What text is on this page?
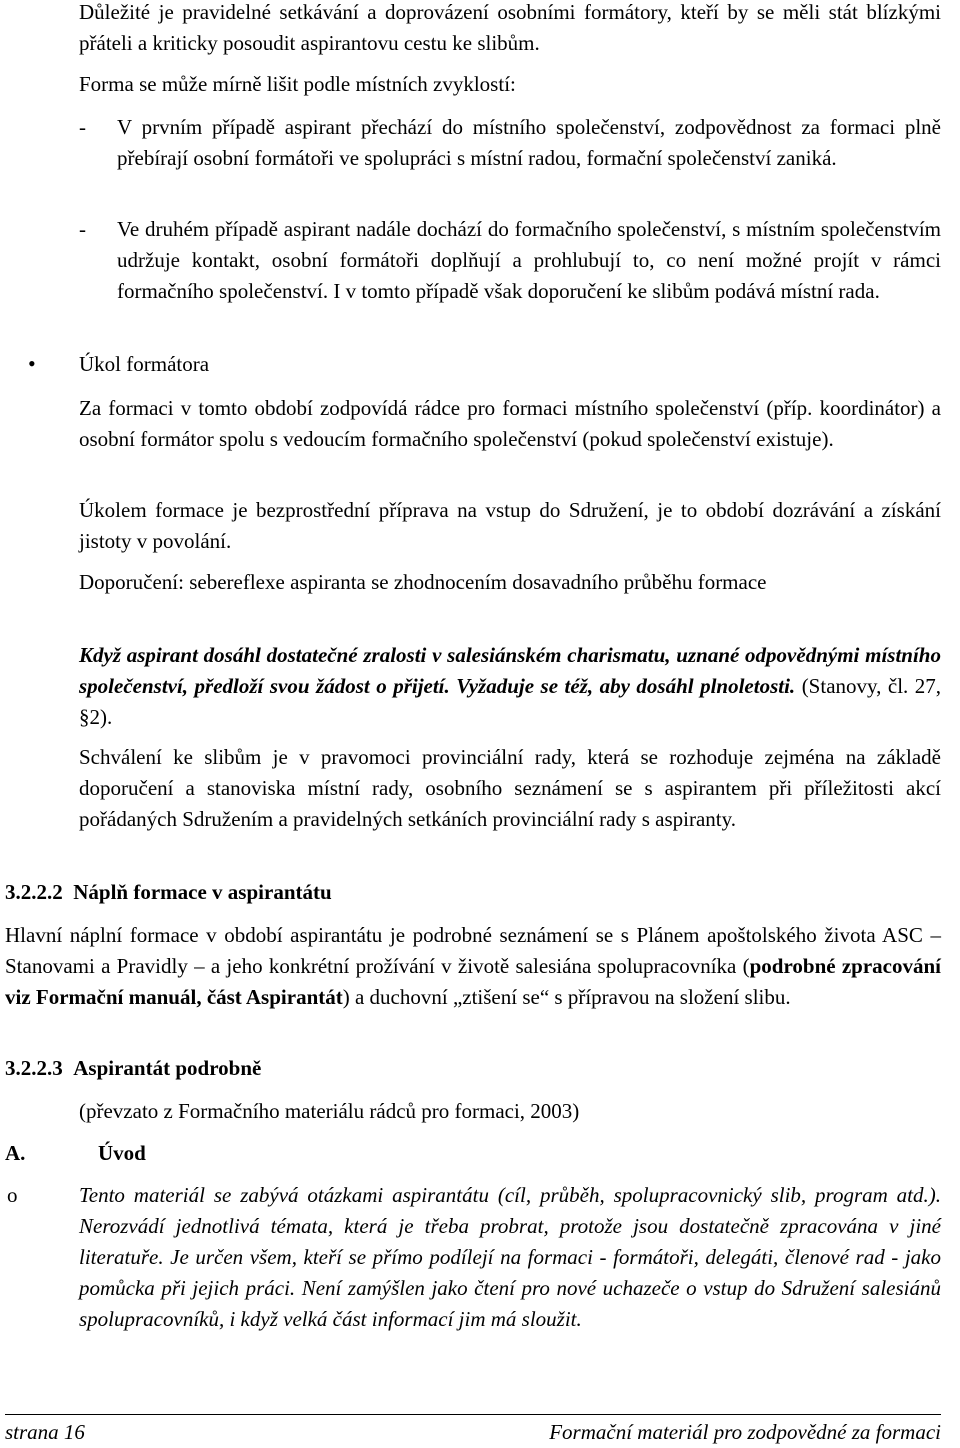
Důležité je pravidelné setkávání a doprovázení osobními formátory, kteří by se měli stát blízkými přáteli a kriticky posoudit aspirantovu cestu ke slibům.

Forma se může mírně lišit podle místních zvyklostí:

- V prvním případě aspirant přechází do místního společenství, zodpovědnost za formaci plně přebírají osobní formátoři ve spolupráci s místní radou, formační společenství zaniká.

- Ve druhém případě aspirant nadále dochází do formačního společenství, s místním společenstvím udržuje kontakt, osobní formátoři doplňují a prohlubují to, co není možné projít v rámci formačního společenství. I v tomto případě však doporučení ke slibům podává místní rada.

• Úkol formátora

Za formaci v tomto období zodpovídá rádce pro formaci místního společenství (příp. koordinátor) a osobní formátor spolu s vedoucím formačního společenství (pokud společenství existuje).

Úkolem formace je bezprostřední příprava na vstup do Sdružení, je to období dozrávání a získání jistoty v povolání.

Doporučení: sebereflexe aspiranta se zhodnocením dosavadního průběhu formace

Když aspirant dosáhl dostatečné zralosti v salesiánském charismatu, uznané odpovědnými místního společenství, předloží svou žádost o přijetí. Vyžaduje se též, aby dosáhl plnoletosti. (Stanovy, čl. 27, §2).

Schválení ke slibům je v pravomoci provinciální rady, která se rozhoduje zejména na základě doporučení a stanoviska místní rady, osobního seznámení se s aspirantem při příležitosti akcí pořádaných Sdružením a pravidelných setkáních provinciální rady s aspiranty.

3.2.2.2 Náplň formace v aspirantátu

Hlavní náplní formace v období aspirantátu je podrobné seznámení se s Plánem apoštolského života ASC – Stanovami a Pravidly – a jeho konkrétní prožívání v životě salesiána spolupracovníka (podrobné zpracování viz Formační manuál, část Aspirantát) a duchovní „ztišení se“ s přípravou na složení slibu.

3.2.2.3 Aspirantát podrobně

(převzato z Formačního materiálu rádců pro formaci, 2003)

A.	Úvod

o	Tento materiál se zabývá otázkami aspirantátu (cíl, průběh, spolupracovnický slib, program atd.). Nerozvádí jednotlivá témata, která je třeba probrat, protože jsou dostatečně zpracována v jiné literatuře. Je určen všem, kteří se přímo podílejí na formaci - formátoři, delegáti, členové rad - jako pomůcka při jejich práci. Není zamýšlen jako čtení pro nové uchazeče o vstup do Sdružení salesiánů spolupracovníků, i když velká část informací jim má sloužit.

strana 16	Formační materiál pro zodpovědné za formaci
